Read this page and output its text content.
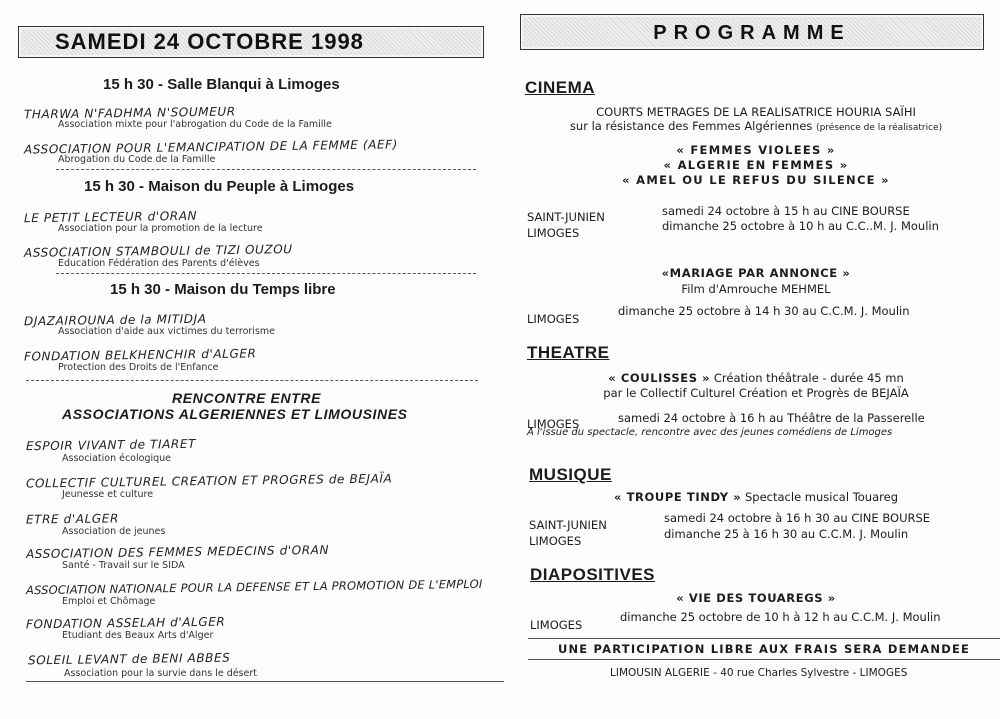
SAMEDI 24 OCTOBRE 1998
15 h 30 - Salle Blanqui à Limoges
THARWA N'FADHMA N'SOUMEUR
Association mixte pour l'abrogation du Code de la Famille
ASSOCIATION POUR L'EMANCIPATION DE LA FEMME (AEF)
Abrogation du Code de la Famille
15 h 30 - Maison du Peuple à Limoges
LE PETIT LECTEUR d'ORAN
Association pour la promotion de la lecture
ASSOCIATION STAMBOULI de TIZI OUZOU
Education Fédération des Parents d'élèves
15 h 30 - Maison du Temps libre
DJAZAIROUNA de la MITIDJA
Association d'aide aux victimes du terrorisme
FONDATION BELKHENCHIR d'ALGER
Protection des Droits de l'Enfance
RENCONTRE ENTRE
ASSOCIATIONS ALGERIENNES ET LIMOUSINES
ESPOIR VIVANT de TIARET
Association écologique
COLLECTIF CULTUREL CREATION ET PROGRES de BEJAÏA
Jeunesse et culture
ETRE d'ALGER
Association de jeunes
ASSOCIATION DES FEMMES MEDECINS d'ORAN
Santé - Travail sur le SIDA
ASSOCIATION NATIONALE POUR LA DEFENSE ET LA PROMOTION DE L'EMPLOI
Emploi et Chômage
FONDATION ASSELAH d'ALGER
Etudiant des Beaux Arts d'Alger
SOLEIL LEVANT de BENI ABBES
Association pour la survie dans le désert
PROGRAMME
CINEMA
COURTS METRAGES DE LA REALISATRICE HOURIA SAÏHI
sur la résistance des Femmes Algériennes (présence de la réalisatrice)
« FEMMES VIOLEES »
« ALGERIE EN FEMMES »
« AMEL OU LE REFUS DU SILENCE »
SAINT-JUNIEN
LIMOGES
samedi 24 octobre à 15 h au CINE BOURSE
dimanche 25 octobre à 10 h au C.C..M. J. Moulin
«MARIAGE PAR ANNONCE »
Film d'Amrouche MEHMEL
LIMOGES
dimanche 25 octobre à 14 h 30 au C.C.M. J. Moulin
THEATRE
« COULISSES » Création théâtrale - durée 45 mn
par le Collectif Culturel Création et Progrès de BEJAÏA
LIMOGES	samedi 24 octobre à 16 h au Théâtre de la Passerelle
A l'issue du spectacle, rencontre avec des jeunes comédiens de Limoges
MUSIQUE
« TROUPE TINDY » Spectacle musical Touareg
SAINT-JUNIEN
LIMOGES
samedi 24 octobre à 16 h 30 au CINE BOURSE
dimanche 25 à 16 h 30 au C.C.M. J. Moulin
DIAPOSITIVES
« VIE DES TOUAREGS »
LIMOGES
dimanche 25 octobre de 10 h à 12 h au C.C.M. J. Moulin
UNE PARTICIPATION LIBRE AUX FRAIS SERA DEMANDEE
LIMOUSIN ALGERIE - 40 rue Charles Sylvestre - LIMOGES
